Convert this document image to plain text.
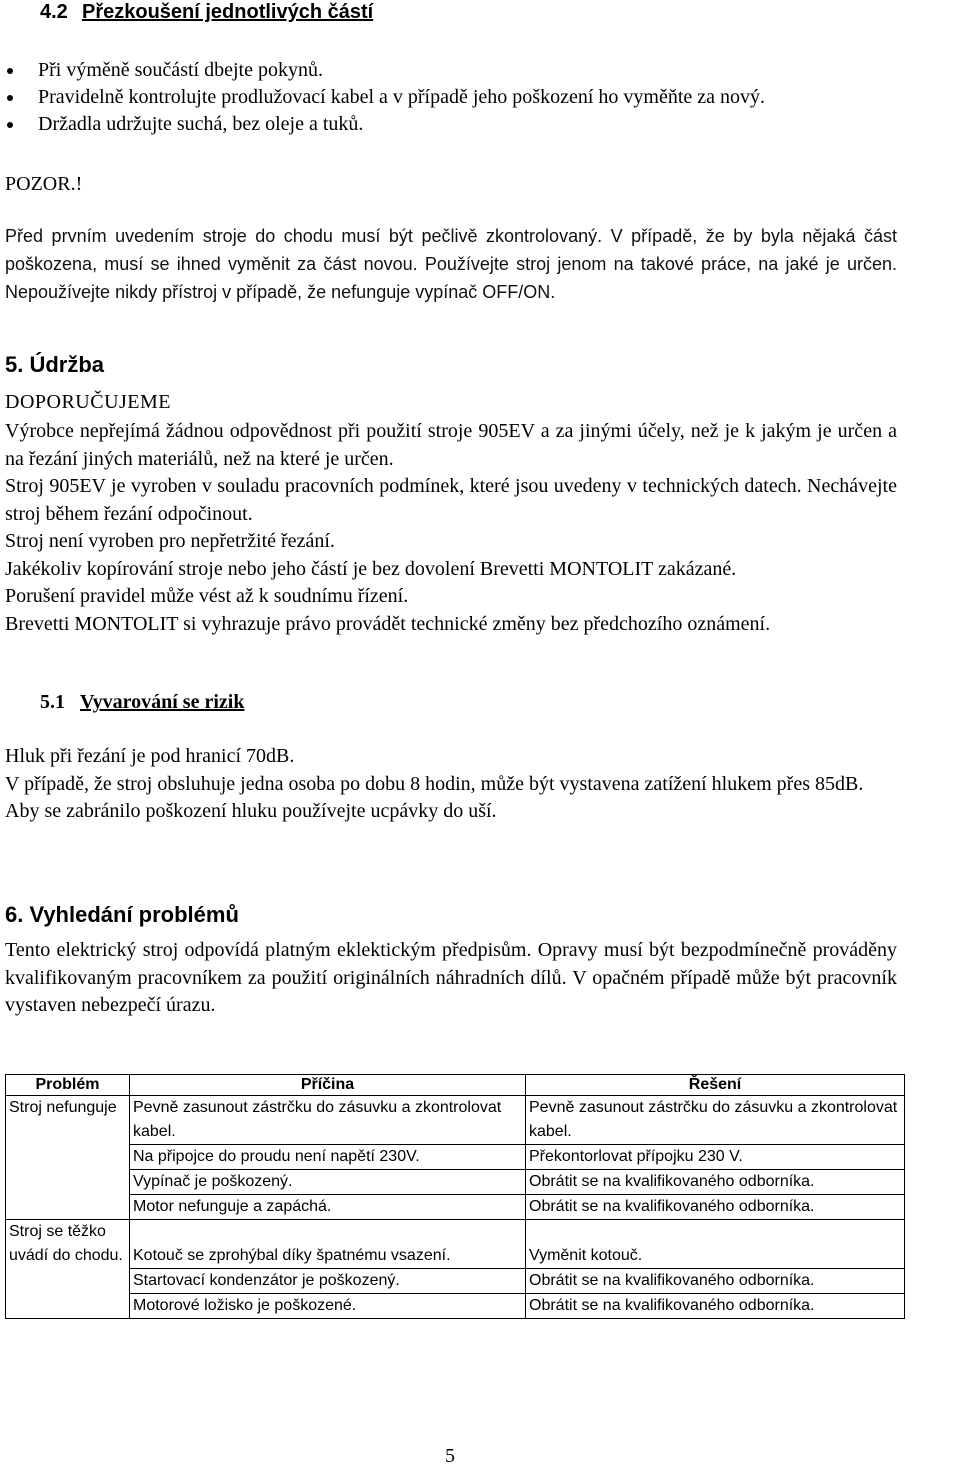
4.2 Přezkoušení jednotlivých částí
Při výměně součástí dbejte pokynů.
Pravidelně kontrolujte prodlužovací kabel a v případě jeho poškození ho vyměňte za nový.
Držadla udržujte suchá, bez oleje a tuků.
POZOR.!
Před prvním uvedením stroje do chodu musí být pečlivě zkontrolovaný. V případě, že by byla nějaká část poškozena, musí se ihned vyměnit za část novou. Používejte stroj jenom na takové práce, na jaké je určen. Nepoužívejte nikdy přístroj v případě, že nefunguje vypínač OFF/ON.
5. Údržba
DOPORUČUJEME

Výrobce nepřejímá žádnou odpovědnost při použití stroje 905EV a za jinými účely, než je k jakým je určen a na řezání jiných materiálů, než na které je určen.

Stroj 905EV je vyroben v souladu pracovních podmínek, které jsou uvedeny v technických datech. Nechávejte stroj během řezání odpočinout.

Stroj není vyroben pro nepřetržité řezání.

Jakékoliv kopírování stroje nebo jeho částí je bez dovolení Brevetti MONTOLIT zakázané.

Porušení pravidel může vést až k soudnímu řízení.

Brevetti MONTOLIT si vyhrazuje právo provádět technické změny bez předchozího oznámení.

5.1 Vyvarování se rizik

Hluk při řezání je pod hranicí 70dB.

V případě, že stroj obsluhuje jedna osoba po dobu 8 hodin, může být vystavena zatížení hlukem přes 85dB.

Aby se zabránilo poškození hluku používejte ucpávky do uší.

6. Vyhledání problémů

Tento elektrický stroj odpovídá platným eklektickým předpisům. Opravy musí být bezpodmínečně prováděny kvalifikovaným pracovníkem za použití originálních náhradních dílů. V opačném případě může být pracovník vystaven nebezpečí úrazu.

Problém	Příčina	Řešení
Stroj nefunguje	Pevně zasunout zástrčku do zásuvku a zkontrolovat kabel.	Pevně zasunout zástrčku do zásuvku a zkontrolovat kabel.
	Na připojce do proudu není napětí 230V.	Překontorlovat přípojku 230 V.
	Vypínač je poškozený.	Obrátit se na kvalifikovaného odborníka.
	Motor nefunguje a zapáchá.	Obrátit se na kvalifikovaného odborníka.
Stroj se těžko uvádí do chodu.	Kotouč se zprohýbal díky špatnému vsazení.	Vyměnit kotouč.
	Startovací kondenzátor je poškozený.	Obrátit se na kvalifikovaného odborníka.
	Motorové ložisko je poškozené.	Obrátit se na kvalifikovaného odborníka.
5
